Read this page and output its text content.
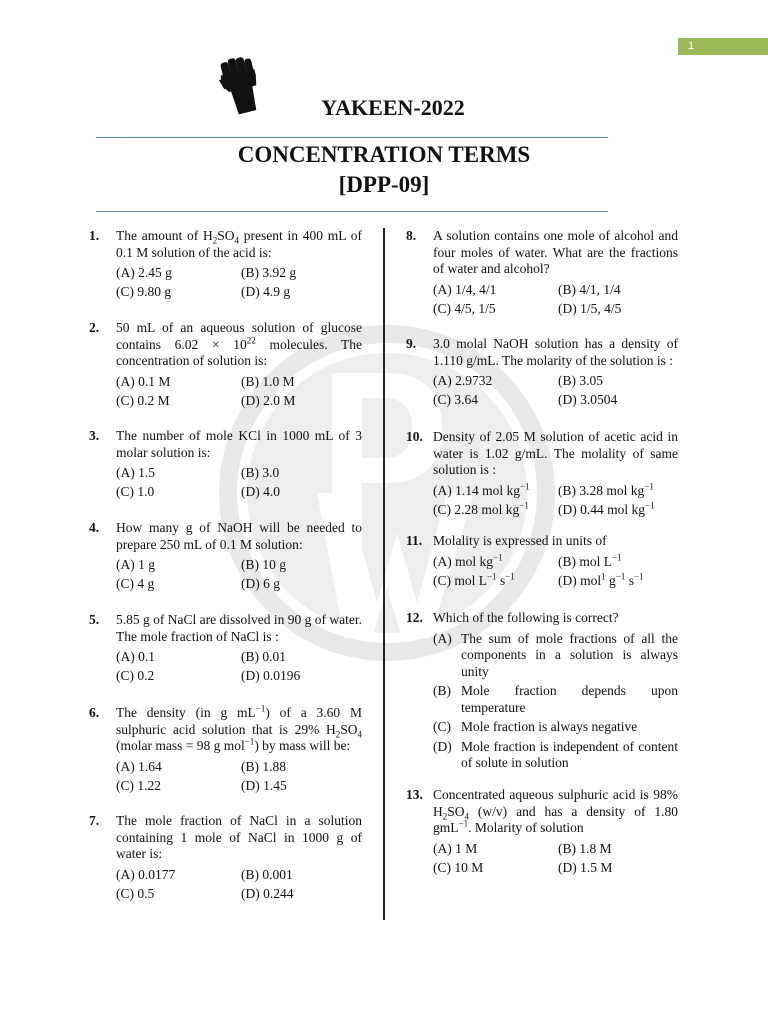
1
YAKEEN-2022
CONCENTRATION TERMS
[DPP-09]
1. The amount of $H_2SO_4$ present in 400 mL of 0.1 M solution of the acid is:
(A) 2.45 g	(B) 3.92 g
(C) 9.80 g	(D) 4.9 g
2. 50 mL of an aqueous solution of glucose contains $6.02 \times 10^{22}$ molecules. The concentration of solution is:
(A) 0.1 M	(B) 1.0 M
(C) 0.2 M	(D) 2.0 M
3. The number of mole KCl in 1000 mL of 3 molar solution is:
(A) 1.5	(B) 3.0
(C) 1.0	(D) 4.0
4. How many g of NaOH will be needed to prepare 250 mL of 0.1 M solution:
(A) 1 g	(B) 10 g
(C) 4 g	(D) 6 g
5. 5.85 g of NaCl are dissolved in 90 g of water. The mole fraction of NaCl is :
(A) 0.1	(B) 0.01
(C) 0.2	(D) 0.0196
6. The density (in g $mL^{-1}$) of a 3.60 M sulphuric acid solution that is 29% $H_2SO_4$ (molar mass = 98 g mol$^{-1}$) by mass will be:
(A) 1.64	(B) 1.88
(C) 1.22	(D) 1.45
7. The mole fraction of NaCl in a solution containing 1 mole of NaCl in 1000 g of water is:
(A) 0.0177	(B) 0.001
(C) 0.5	(D) 0.244
8. A solution contains one mole of alcohol and four moles of water. What are the fractions of water and alcohol?
(A) 1/4, 4/1	(B) 4/1, 1/4
(C) 4/5, 1/5	(D) 1/5, 4/5
9. 3.0 molal NaOH solution has a density of 1.110 g/mL. The molarity of the solution is :
(A) 2.9732	(B) 3.05
(C) 3.64	(D) 3.0504
10. Density of 2.05 M solution of acetic acid in water is 1.02 g/mL. The molality of same solution is :
(A) 1.14 mol $kg^{-1}$ (B) 3.28 mol $kg^{-1}$
(C) 2.28 mol $kg^{-1}$ (D) 0.44 mol $kg^{-1}$
11. Molality is expressed in units of
(A) mol $kg^{-1}$	(B) mol $L^{-1}$
(C) mol $L^{-1}$ $s^{-1}$	(D) mol$^1$ $g^{-1}$ $s^{-1}$
12. Which of the following is correct?
(A) The sum of mole fractions of all the components in a solution is always unity
(B) Mole fraction depends upon temperature
(C) Mole fraction is always negative
(D) Mole fraction is independent of content of solute in solution
13. Concentrated aqueous sulphuric acid is 98% $H_2SO_4$ (w/v) and has a density of 1.80 gmL$^{-1}$. Molarity of solution
(A) 1 M	(B) 1.8 M
(C) 10 M	(D) 1.5 M
